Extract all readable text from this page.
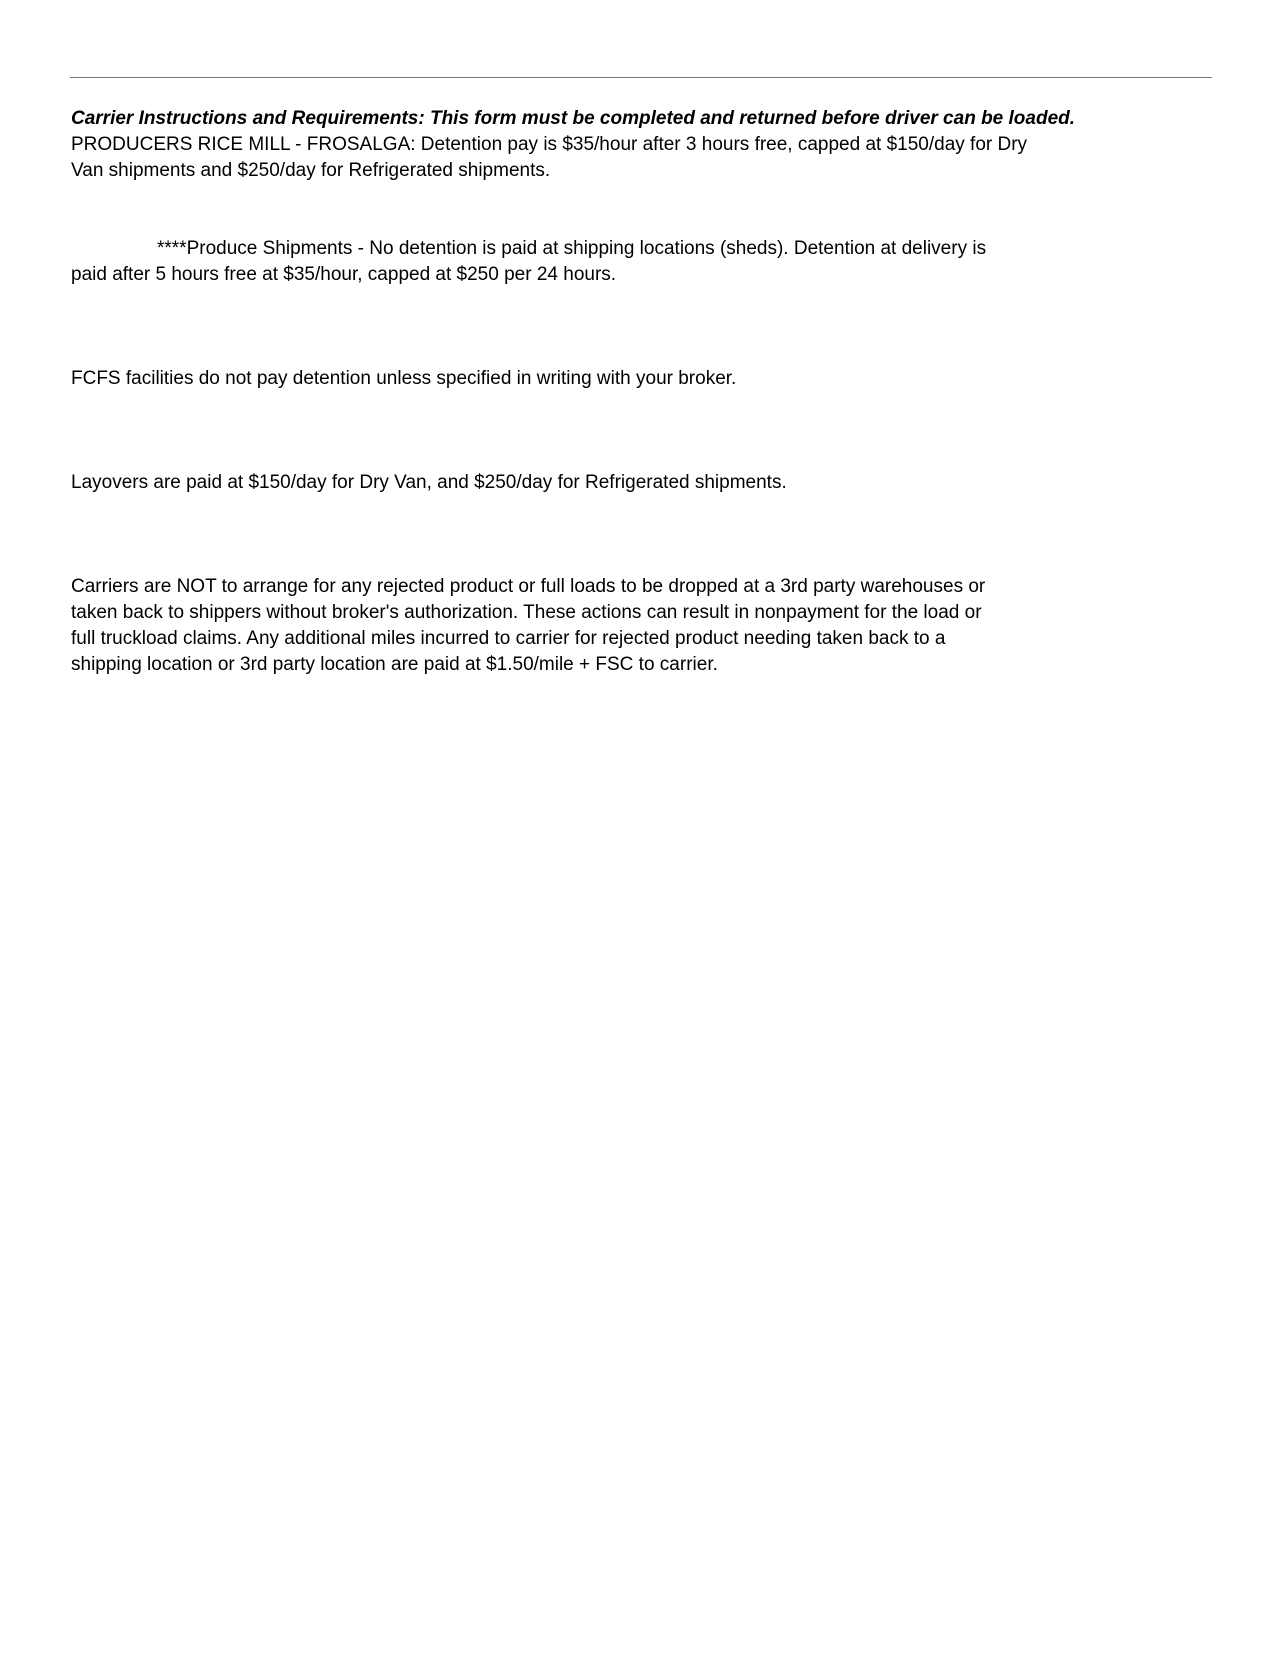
Carrier Instructions and Requirements: This form must be completed and returned before driver can be loaded.

PRODUCERS RICE MILL - FROSALGA: Detention pay is $35/hour after 3 hours free, capped at $150/day for Dry
Van shipments and $250/day for Refrigerated shipments.

****Produce Shipments - No detention is paid at shipping locations (sheds). Detention at delivery is
paid after 5 hours free at $35/hour, capped at $250 per 24 hours.

FCFS facilities do not pay detention unless specified in writing with your broker.

Layovers are paid at $150/day for Dry Van, and $250/day for Refrigerated shipments.

Carriers are NOT to arrange for any rejected product or full loads to be dropped at a 3rd party warehouses or
taken back to shippers without broker's authorization. These actions can result in nonpayment for the load or
full truckload claims. Any additional miles incurred to carrier for rejected product needing taken back to a
shipping location or 3rd party location are paid at $1.50/mile + FSC to carrier.
